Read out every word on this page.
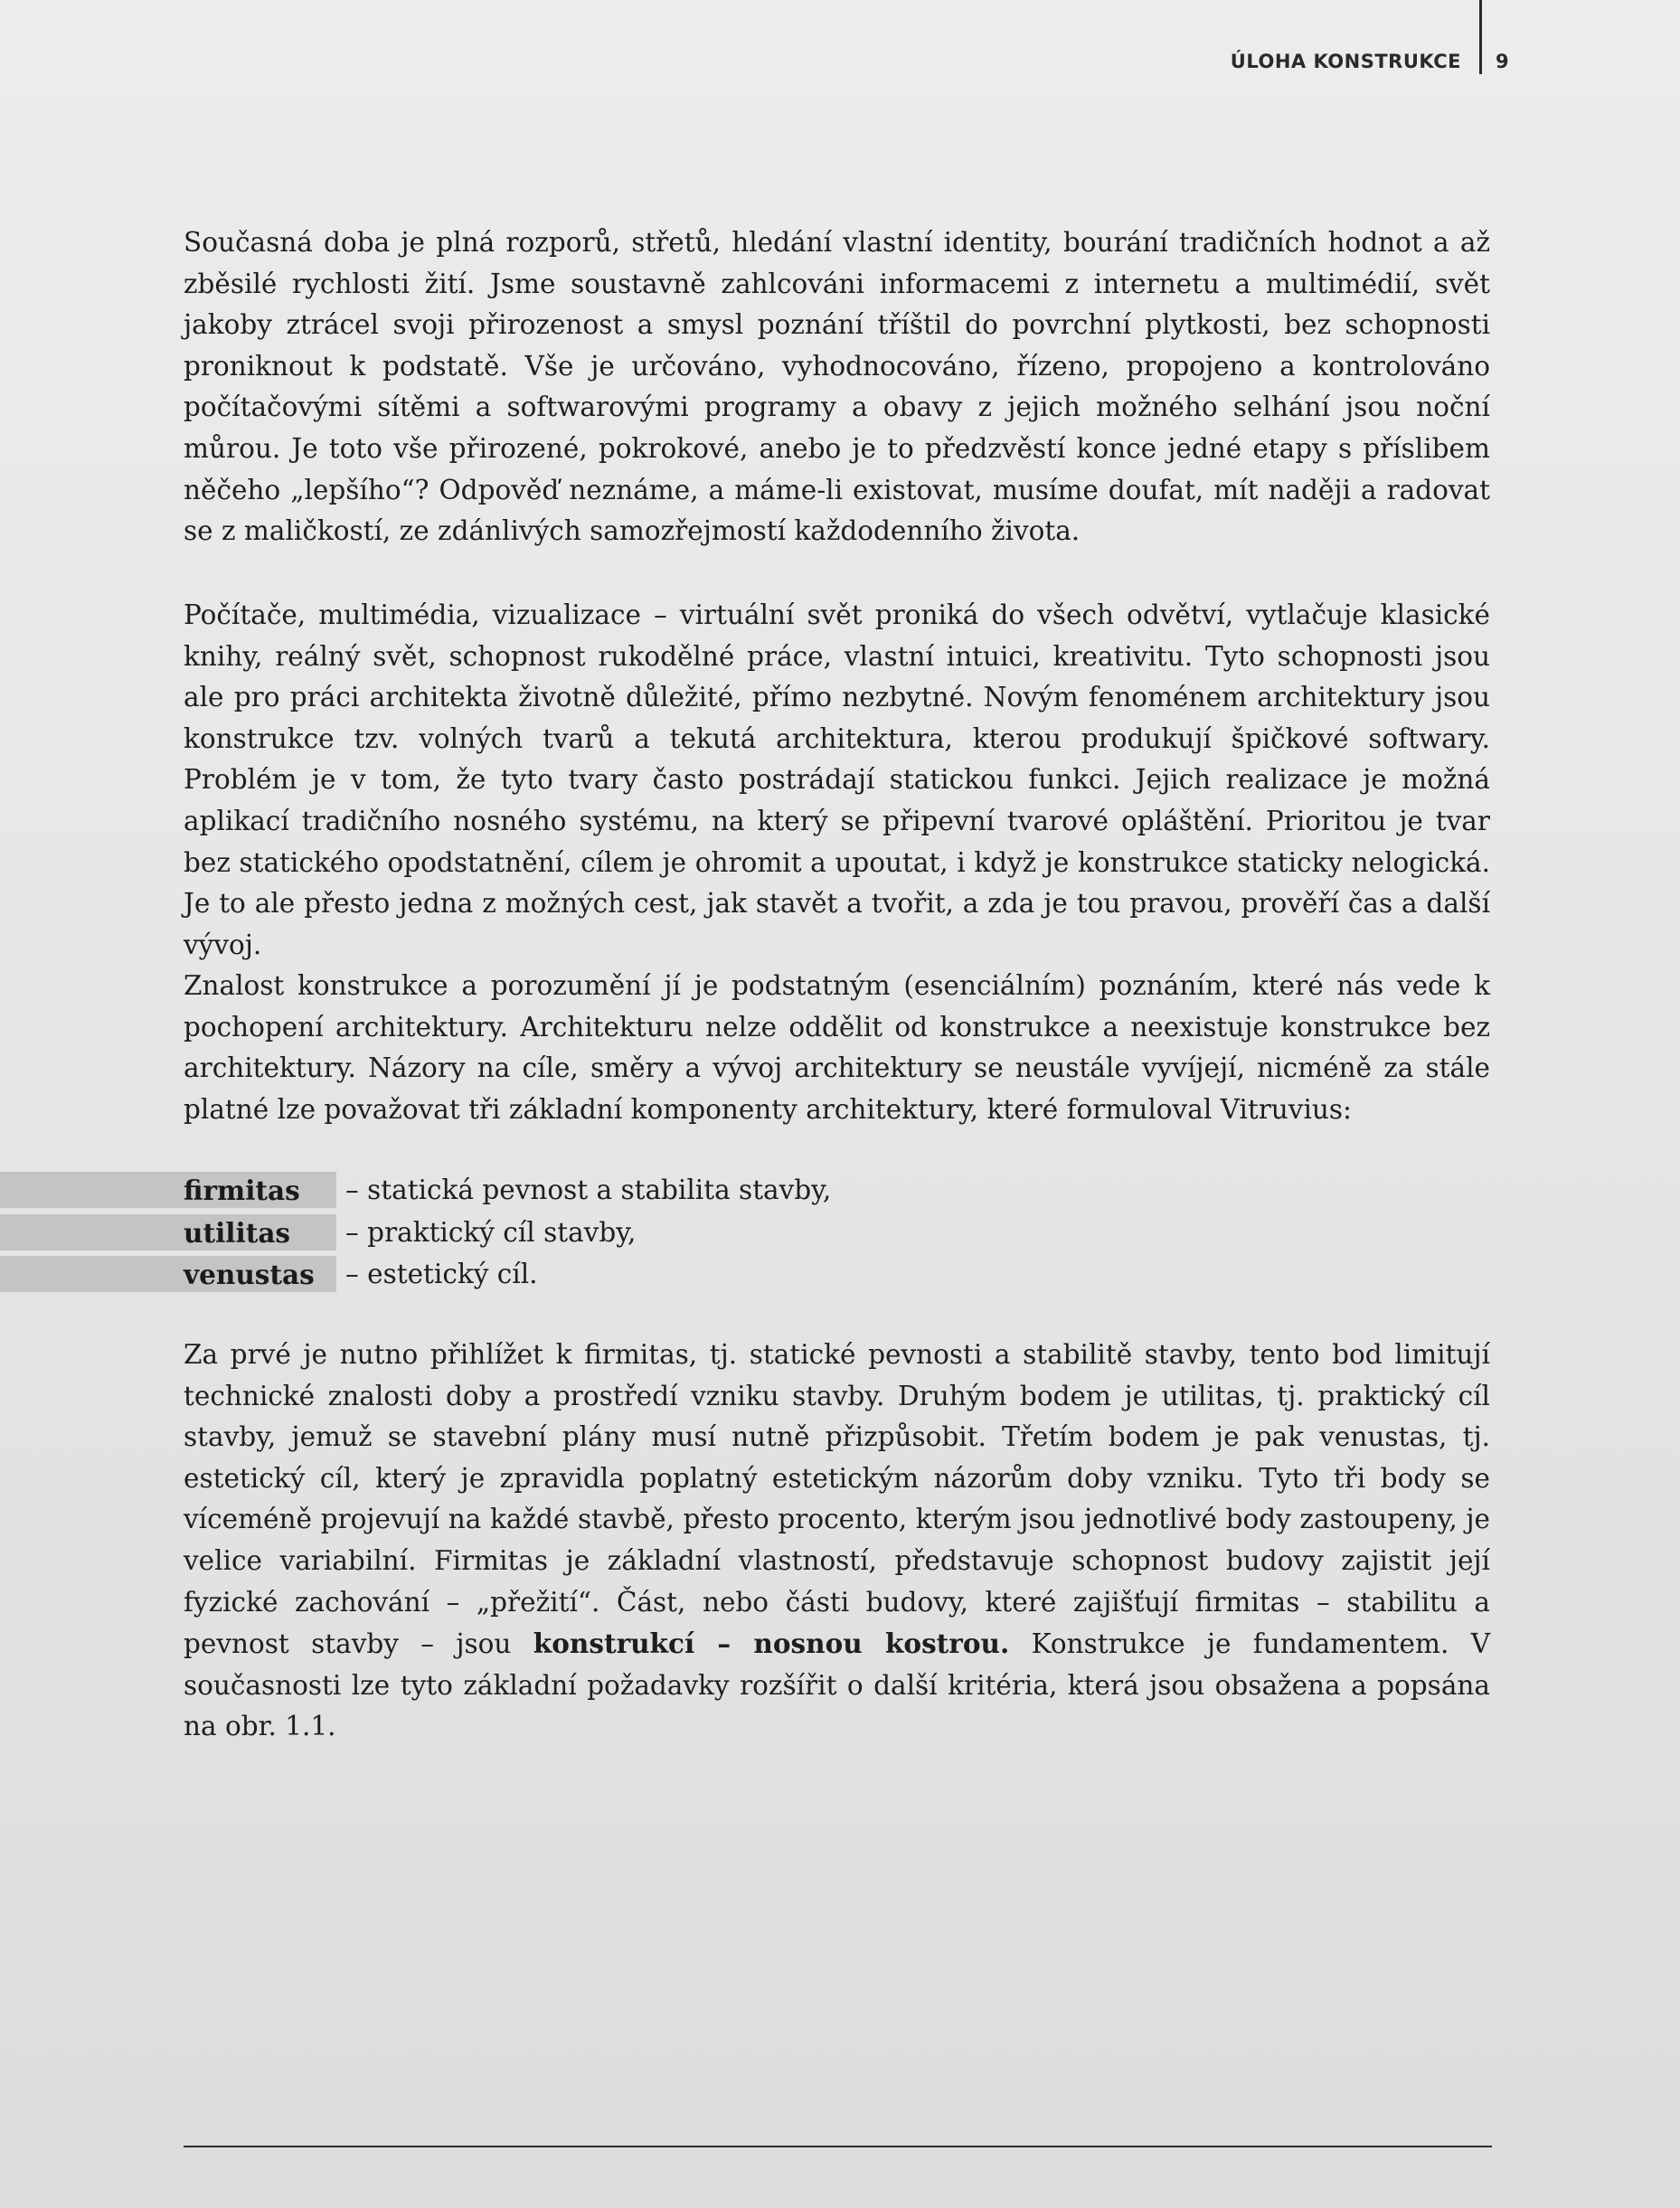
ÚLOHA KONSTRUKCE 9

Současná doba je plná rozporů, střetů, hledání vlastní identity, bourání tradičních hodnot a až zběsilé rychlosti žití. Jsme soustavně zahlcováni informacemi z internetu a multimédií, svět jakoby ztrácel svoji přirozenost a smysl poznání tříštil do povrchní plytkosti, bez schopnosti proniknout k podstatě. Vše je určováno, vyhodnocováno, řízeno, propojeno a kontrolováno počítačovými sítěmi a softwarovými programy a obavy z jejich možného selhání jsou noční můrou. Je toto vše přirozené, pokrokové, anebo je to předzvěstí konce jedné etapy s příslibem něčeho „lepšího“? Odpověď neznáme, a máme-li existovat, musíme doufat, mít naději a radovat se z maličkostí, ze zdánlivých samozřejmostí každodenního života.

Počítače, multimédia, vizualizace – virtuální svět proniká do všech odvětví, vytlačuje klasické knihy, reálný svět, schopnost rukodělné práce, vlastní intuici, kreativitu. Tyto schopnosti jsou ale pro práci architekta životně důležité, přímo nezbytné. Novým fenoménem architektury jsou konstrukce tzv. volných tvarů a tekutá architektura, kterou produkují špičkové softwary. Problém je v tom, že tyto tvary často postrádají statickou funkci. Jejich realizace je možná aplikací tradičního nosného systému, na který se připevní tvarové opláštění. Prioritou je tvar bez statického opodstatnění, cílem je ohromit a upoutat, i když je konstrukce staticky nelogická. Je to ale přesto jedna z možných cest, jak stavět a tvořit, a zda je tou pravou, prověří čas a další vývoj.

Znalost konstrukce a porozumění jí je podstatným (esenciálním) poznáním, které nás vede k pochopení architektury. Architekturu nelze oddělit od konstrukce a neexistuje konstrukce bez architektury. Názory na cíle, směry a vývoj architektury se neustále vyvíjejí, nicméně za stále platné lze považovat tři základní komponenty architektury, které formuloval Vitruvius:

firmitas – statická pevnost a stabilita stavby,
utilitas – praktický cíl stavby,
venustas – estetický cíl.

Za prvé je nutno přihlížet k firmitas, tj. statické pevnosti a stabilitě stavby, tento bod limitují technické znalosti doby a prostředí vzniku stavby. Druhým bodem je utilitas, tj. praktický cíl stavby, jemuž se stavební plány musí nutně přizpůsobit. Třetím bodem je pak venustas, tj. estetický cíl, který je zpravidla poplatný estetickým názorům doby vzniku. Tyto tři body se víceméně projevují na každé stavbě, přesto procento, kterým jsou jednotlivé body zastoupeny, je velice variabilní. Firmitas je základní vlastností, představuje schopnost budovy zajistit její fyzické zachování – „přežití“. Část, nebo části budovy, které zajišťují firmitas – stabilitu a pevnost stavby – jsou konstrukcí – nosnou kostrou. Konstrukce je fundamentem. V současnosti lze tyto základní požadavky rozšířit o další kritéria, která jsou obsažena a popsána na obr. 1.1.
